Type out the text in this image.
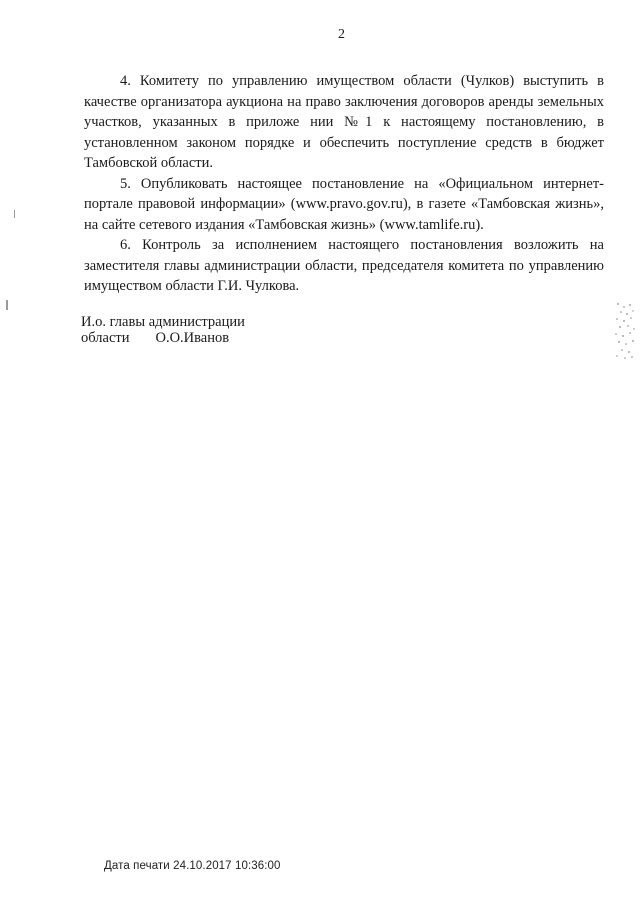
2

4. Комитету по управлению имуществом области (Чулков) выступить в качестве организатора аукциона на право заключения договоров аренды земельных участков, указанных в приложе нии №1 к настоящему постановлению, в установленном законом порядке и обеспечить поступление средств в бюджет Тамбовской области.

5. Опубликовать настоящее постановление на «Официальном интернет-портале правовой информации» (www.pravo.gov.ru), в газете «Тамбовская жизнь», на сайте сетевого издания «Тамбовская жизнь» (www.tamlife.ru).

6. Контроль за исполнением настоящего постановления возложить на заместителя главы администрации области, председателя комитета по управлению имуществом области Г.И. Чулкова.

И.о. главы администрации
области О.О.Иванов
Дата печати 24.10.2017 10:36:00
